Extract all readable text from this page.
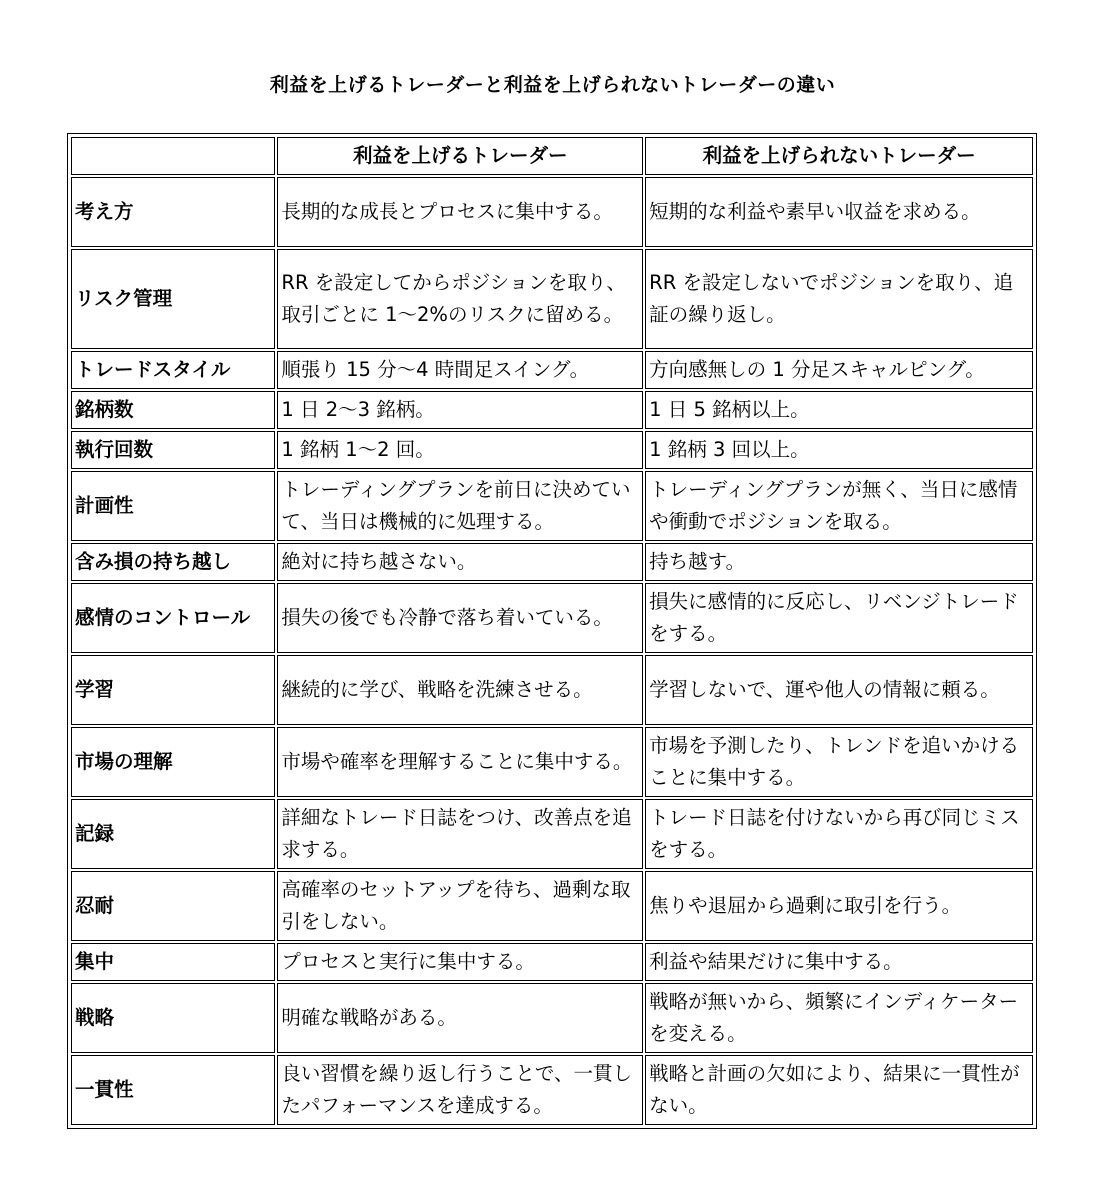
利益を上げるトレーダーと利益を上げられないトレーダーの違い
	利益を上げるトレーダー	利益を上げられないトレーダー
考え方	長期的な成長とプロセスに集中する。	短期的な利益や素早い収益を求める。
リスク管理	RR を設定してからポジションを取り、取引ごとに 1〜2%のリスクに留める。	RR を設定しないでポジションを取り、追証の繰り返し。
トレードスタイル	順張り 15 分〜4 時間足スイング。	方向感無しの 1 分足スキャルピング。
銘柄数	1 日 2〜3 銘柄。	1 日 5 銘柄以上。
執行回数	1 銘柄 1〜2 回。	1 銘柄 3 回以上。
計画性	トレーディングプランを前日に決めていて、当日は機械的に処理する。	トレーディングプランが無く、当日に感情や衝動でポジションを取る。
含み損の持ち越し	絶対に持ち越さない。	持ち越す。
感情のコントロール	損失の後でも冷静で落ち着いている。	損失に感情的に反応し、リベンジトレードをする。
学習	継続的に学び、戦略を洗練させる。	学習しないで、運や他人の情報に頼る。
市場の理解	市場や確率を理解することに集中する。	市場を予測したり、トレンドを追いかけることに集中する。
記録	詳細なトレード日誌をつけ、改善点を追求する。	トレード日誌を付けないから再び同じミスをする。
忍耐	高確率のセットアップを待ち、過剰な取引をしない。	焦りや退屈から過剰に取引を行う。
集中	プロセスと実行に集中する。	利益や結果だけに集中する。
戦略	明確な戦略がある。	戦略が無いから、頻繁にインディケーターを変える。
一貫性	良い習慣を繰り返し行うことで、一貫したパフォーマンスを達成する。	戦略と計画の欠如により、結果に一貫性がない。
